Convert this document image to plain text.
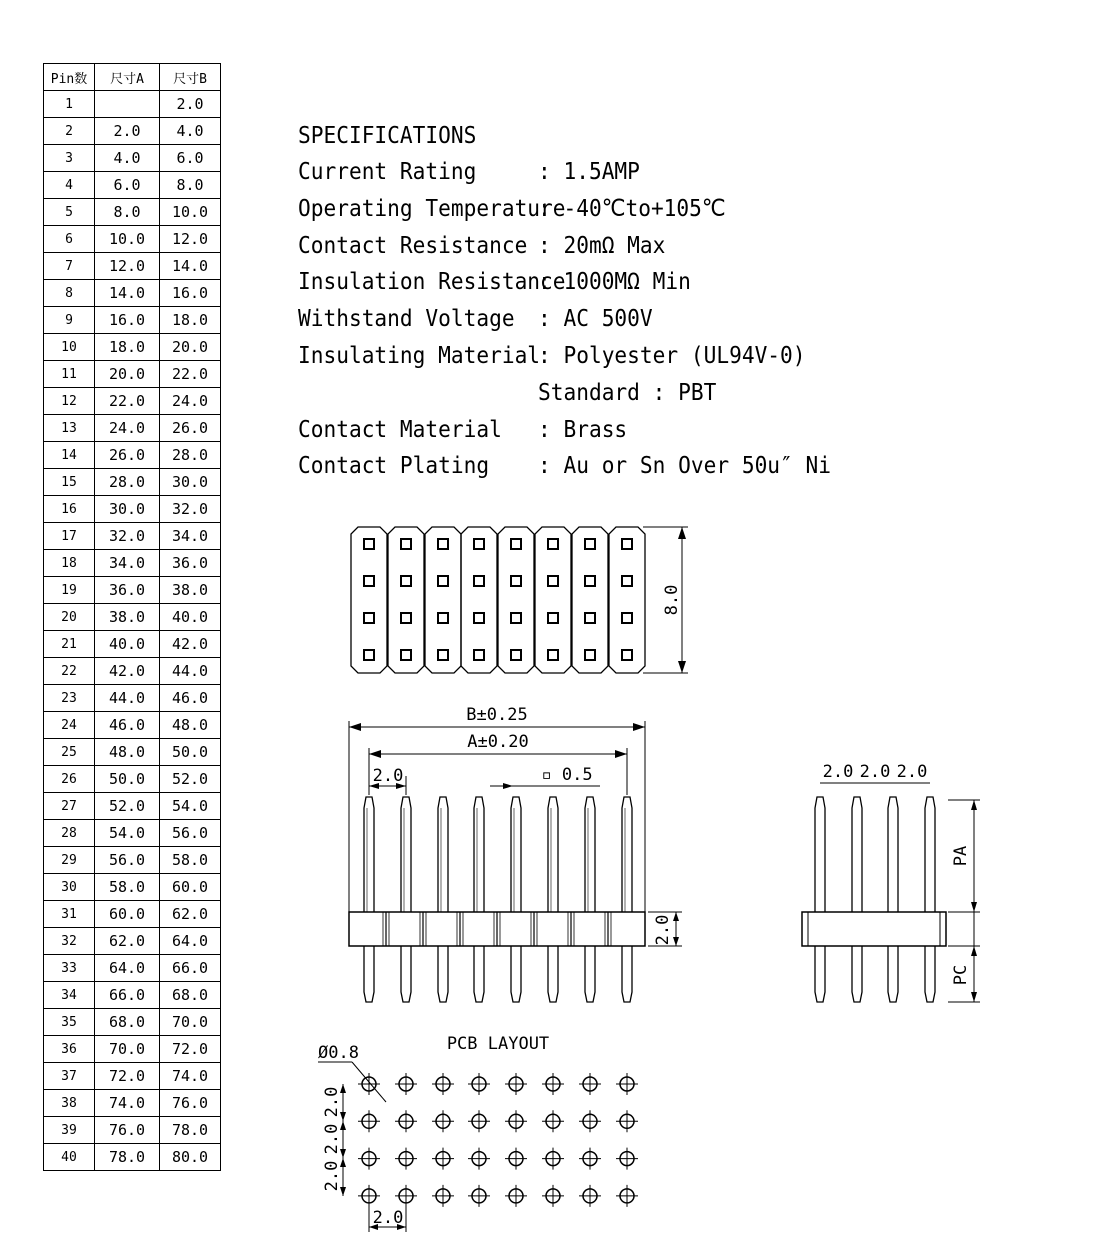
Pin数	尺寸A	尺寸B
1		2.0
2	2.0	4.0
3	4.0	6.0
4	6.0	8.0
5	8.0	10.0
6	10.0	12.0
7	12.0	14.0
8	14.0	16.0
9	16.0	18.0
10	18.0	20.0
11	20.0	22.0
12	22.0	24.0
13	24.0	26.0
14	26.0	28.0
15	28.0	30.0
16	30.0	32.0
17	32.0	34.0
18	34.0	36.0
19	36.0	38.0
20	38.0	40.0
21	40.0	42.0
22	42.0	44.0
23	44.0	46.0
24	46.0	48.0
25	48.0	50.0
26	50.0	52.0
27	52.0	54.0
28	54.0	56.0
29	56.0	58.0
30	58.0	60.0
31	60.0	62.0
32	62.0	64.0
33	64.0	66.0
34	66.0	68.0
35	68.0	70.0
36	70.0	72.0
37	72.0	74.0
38	74.0	76.0
39	76.0	78.0
40	78.0	80.0
SPECIFICATIONS
Current Rating	: 1.5AMP
Operating Temperature
: -40℃to+105℃
Contact Resistance : 20mΩ Max
Insulation Resistance
: 1000MΩ Min
Withstand Voltage : AC 500V
Insulating Material
: Polyester (UL94V-0)
Standard : PBT
Contact Material : Brass
Contact Plating : Au or Sn Over 50u″ Ni
8.0
B±0.25
A±0.20
2.0	▫ 0.5
2.0
2.0 2.0 2.0
PA
PC
PCB LAYOUT
Ø0.8
2.0
2.0
2.0
2.0
